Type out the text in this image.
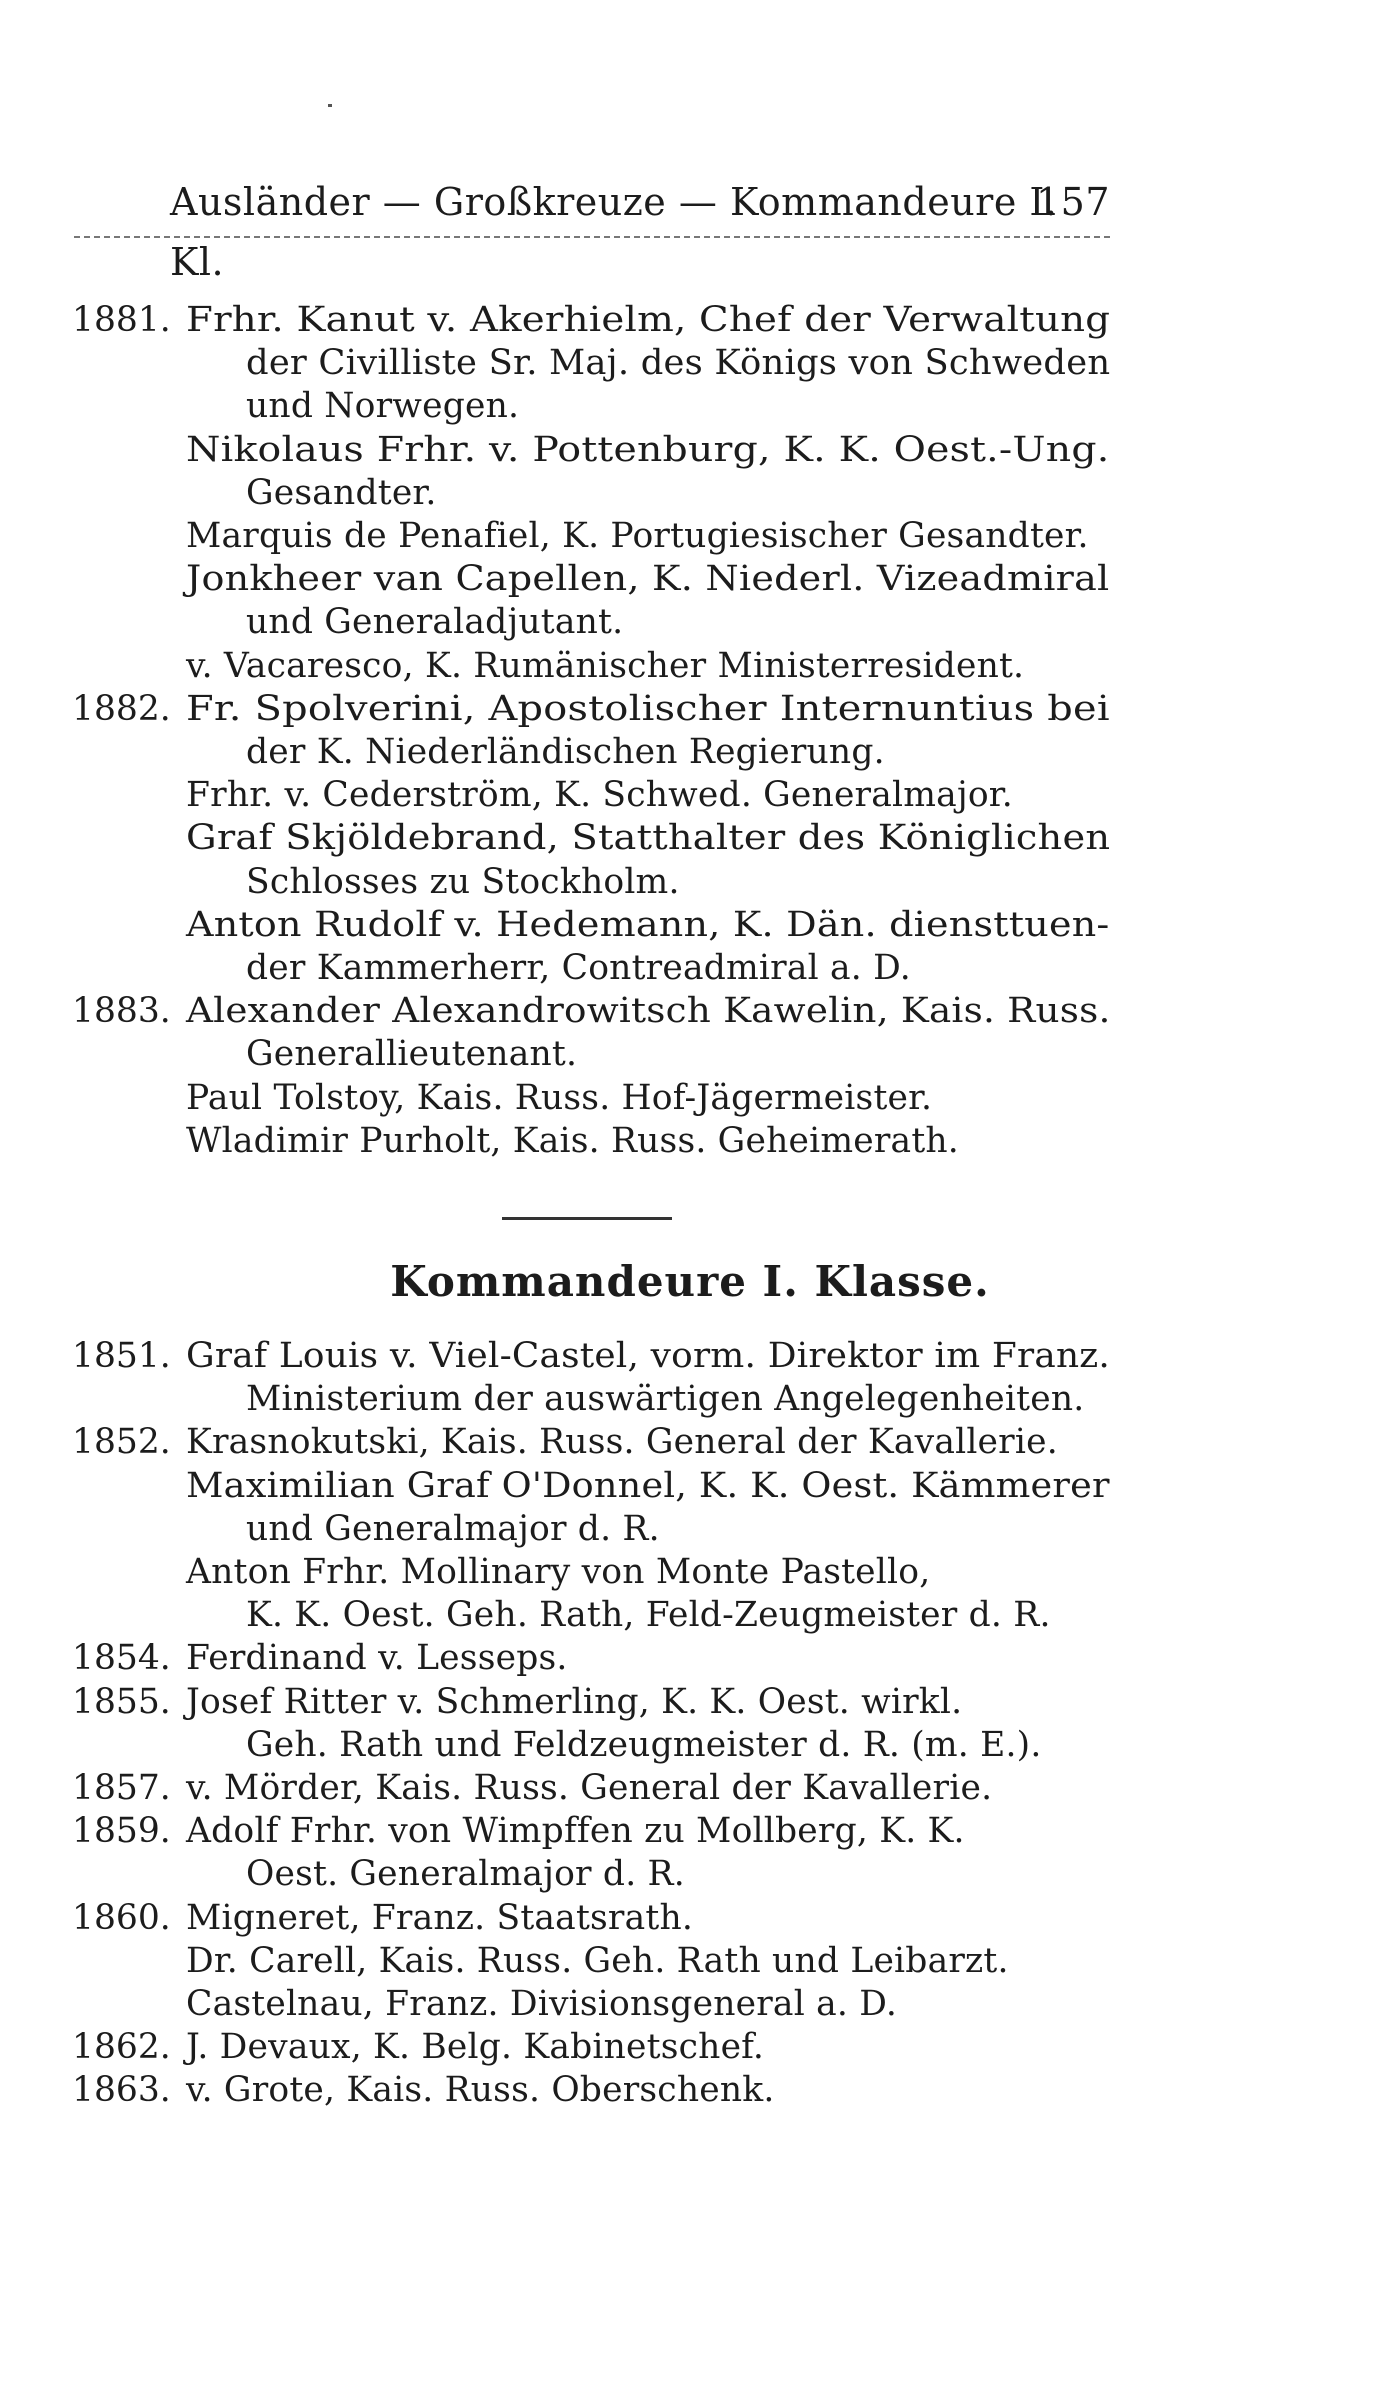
Ausländer — Großkreuze — Kommandeure I. Kl.
157
1881. Frhr. Kanut v. Akerhielm, Chef der Verwaltung
der Civilliste Sr. Maj. des Königs von Schweden
und Norwegen.
Nikolaus Frhr. v. Pottenburg, K. K. Oest.-Ung.
Gesandter.
Marquis de Penafiel, K. Portugiesischer Gesandter.
Jonkheer van Capellen, K. Niederl. Vizeadmiral
und Generaladjutant.
v. Vacaresco, K. Rumänischer Ministerresident.
1882. Fr. Spolverini, Apostolischer Internuntius bei
der K. Niederländischen Regierung.
Frhr. v. Cederström, K. Schwed. Generalmajor.
Graf Skjöldebrand, Statthalter des Königlichen
Schlosses zu Stockholm.
Anton Rudolf v. Hedemann, K. Dän. diensttuen-
der Kammerherr, Contreadmiral a. D.
1883. Alexander Alexandrowitsch Kawelin, Kais. Russ.
Generallieutenant.
Paul Tolstoy, Kais. Russ. Hof-Jägermeister.
Wladimir Purholt, Kais. Russ. Geheimerath.
Kommandeure I. Klasse.
1851. Graf Louis v. Viel-Castel, vorm. Direktor im Franz.
Ministerium der auswärtigen Angelegenheiten.
1852. Krasnokutski, Kais. Russ. General der Kavallerie.
Maximilian Graf O'Donnel, K. K. Oest. Kämmerer
und Generalmajor d. R.
Anton Frhr. Mollinary von Monte Pastello,
K. K. Oest. Geh. Rath, Feld-Zeugmeister d. R.
1854. Ferdinand v. Lesseps.
1855. Josef Ritter v. Schmerling, K. K. Oest. wirkl.
Geh. Rath und Feldzeugmeister d. R. (m. E.).
1857. v. Mörder, Kais. Russ. General der Kavallerie.
1859. Adolf Frhr. von Wimpffen zu Mollberg, K. K.
Oest. Generalmajor d. R.
1860. Migneret, Franz. Staatsrath.
Dr. Carell, Kais. Russ. Geh. Rath und Leibarzt.
Castelnau, Franz. Divisionsgeneral a. D.
1862. J. Devaux, K. Belg. Kabinetschef.
1863. v. Grote, Kais. Russ. Oberschenk.
